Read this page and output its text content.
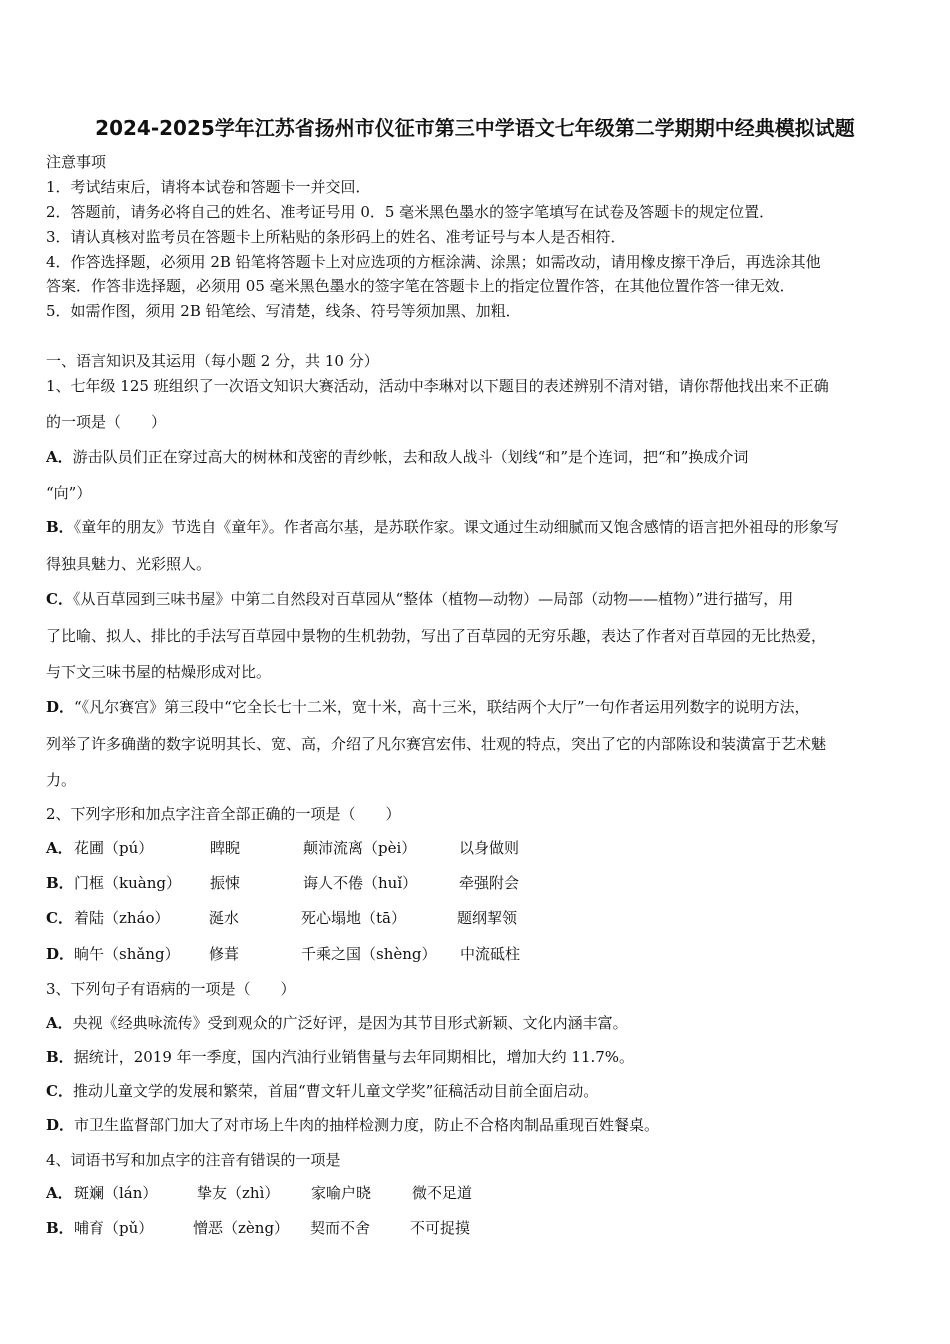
2024-2025学年江苏省扬州市仪征市第三中学语文七年级第二学期期中经典模拟试题
注意事项
1．考试结束后，请将本试卷和答题卡一并交回．
2．答题前，请务必将自己的姓名、准考证号用 0．5 毫米黑色墨水的签字笔填写在试卷及答题卡的规定位置．
3．请认真核对监考员在答题卡上所粘贴的条形码上的姓名、准考证号与本人是否相符．
4．作答选择题，必须用 2B 铅笔将答题卡上对应选项的方框涂满、涂黑；如需改动，请用橡皮擦干净后，再选涂其他
答案．作答非选择题，必须用 05 毫米黑色墨水的签字笔在答题卡上的指定位置作答，在其他位置作答一律无效．
5．如需作图，须用 2B 铅笔绘、写清楚，线条、符号等须加黑、加粗．
一、语言知识及其运用（每小题 2 分，共 10 分）
1、七年级 125 班组织了一次语文知识大赛活动，活动中李琳对以下题目的表述辨别不清对错，请你帮他找出来不正确
的一项是（　　）
A．游击队员们正在穿过高大的树林和茂密的青纱帐，去和敌人战斗（划线“和”是个连词，把“和”换成介词
“向”）
B．《童年的朋友》节选自《童年》。作者高尔基，是苏联作家。课文通过生动细腻而又饱含感情的语言把外祖母的形象写
得独具魅力、光彩照人。
C．《从百草园到三味书屋》中第二自然段对百草园从“整体（植物—动物）—局部（动物——植物）”进行描写，用
了比喻、拟人、排比的手法写百草园中景物的生机勃勃，写出了百草园的无穷乐趣，表达了作者对百草园的无比热爱，
与下文三味书屋的枯燥形成对比。
D．“《凡尔赛宫》第三段中“它全长七十二米，宽十米，高十三米，联结两个大厅”一句作者运用列数字的说明方法，
列举了许多确凿的数字说明其长、宽、高，介绍了凡尔赛宫宏伟、壮观的特点，突出了它的内部陈设和装潢富于艺术魅
力。
2、下列字形和加点字注音全部正确的一项是（　　）
A． 花圃（pú）	睥睨	颠沛流离（pèi）	以身做则
B． 门框（kuàng） 振悚	诲人不倦（huǐ）	牵强附会
C． 着陆（zháo）	涎水	死心塌地（tā）	题纲挈领
D． 晌午（shǎng） 修葺	千乘之国（shèng） 中流砥柱
3、下列句子有语病的一项是（　　）
A．央视《经典咏流传》受到观众的广泛好评，是因为其节目形式新颖、文化内涵丰富。
B．据统计，2019 年一季度，国内汽油行业销售量与去年同期相比，增加大约 11.7%。
C．推动儿童文学的发展和繁荣，首届“曹文轩儿童文学奖”征稿活动目前全面启动。
D．市卫生监督部门加大了对市场上牛肉的抽样检测力度，防止不合格肉制品重现百姓餐桌。
4、词语书写和加点字的注音有错误的一项是
A． 斑斓（lán）	挚友（zhì） 家喻户晓	微不足道
B． 哺育（pǔ）	憎恶（zèng） 契而不舍	不可捉摸
